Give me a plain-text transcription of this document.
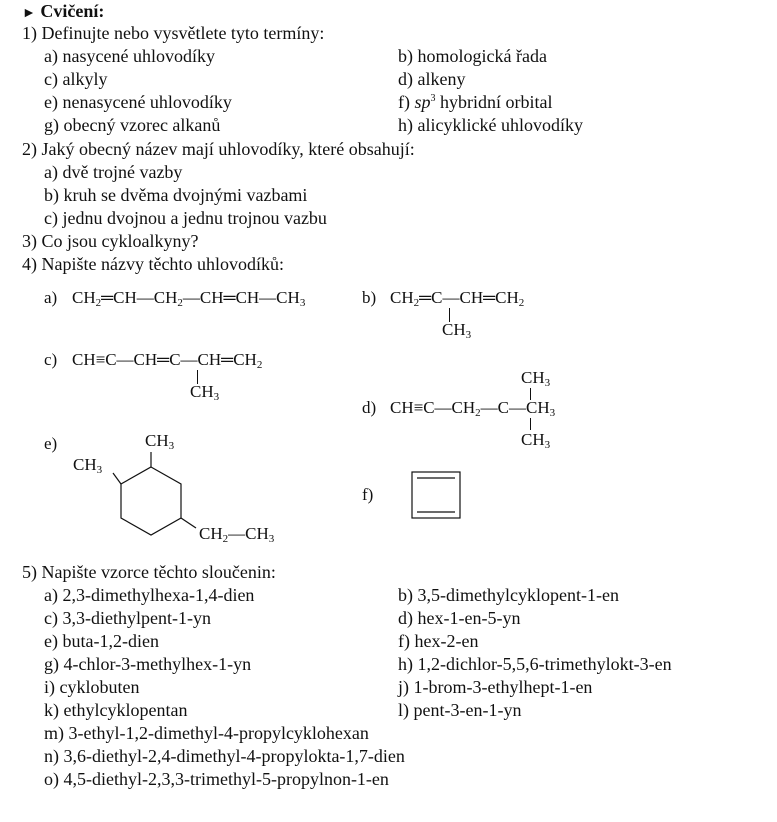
► Cvičení:
1) Definujte nebo vysvětlete tyto termíny:
a) nasycené uhlovodíky	b) homologická řada
c) alkyly	d) alkeny
e) nenasycené uhlovodíky	f) $sp^3$ hybridní orbital
g) obecný vzorec alkanů	h) alicyklické uhlovodíky
2) Jaký obecný název mají uhlovodíky, které obsahují:
a) dvě trojné vazby
b) kruh se dvěma dvojnými vazbami
c) jednu dvojnou a jednu trojnou vazbu
3) Co jsou cykloalkyny?
4) Napište názvy těchto uhlovodíků:
a) $CH_2═CH—CH_2—CH═CH—CH_3$	b) $CH_2═C—CH═CH_2$
$CH_3$
c) $CH\equiv C—CH═C—CH═CH_2$
$CH_3$
$CH_3$
d) $CH\equiv C—CH_2—C—CH_3$
$CH_3$
e)	$CH_3$
$CH_3$
$CH_2—CH_3$
f)
5) Napište vzorce těchto sloučenin:
a) 2,3-dimethylhexa-1,4-dien	b) 3,5-dimethylcyklopent-1-en
c) 3,3-diethylpent-1-yn	d) hex-1-en-5-yn
e) buta-1,2-dien	f) hex-2-en
g) 4-chlor-3-methylhex-1-yn	h) 1,2-dichlor-5,5,6-trimethylokt-3-en
i) cyklobuten	j) 1-brom-3-ethylhept-1-en
k) ethylcyklopentan	l) pent-3-en-1-yn
m) 3-ethyl-1,2-dimethyl-4-propylcyklohexan
n) 3,6-diethyl-2,4-dimethyl-4-propylokta-1,7-dien
o) 4,5-diethyl-2,3,3-trimethyl-5-propylnon-1-en
